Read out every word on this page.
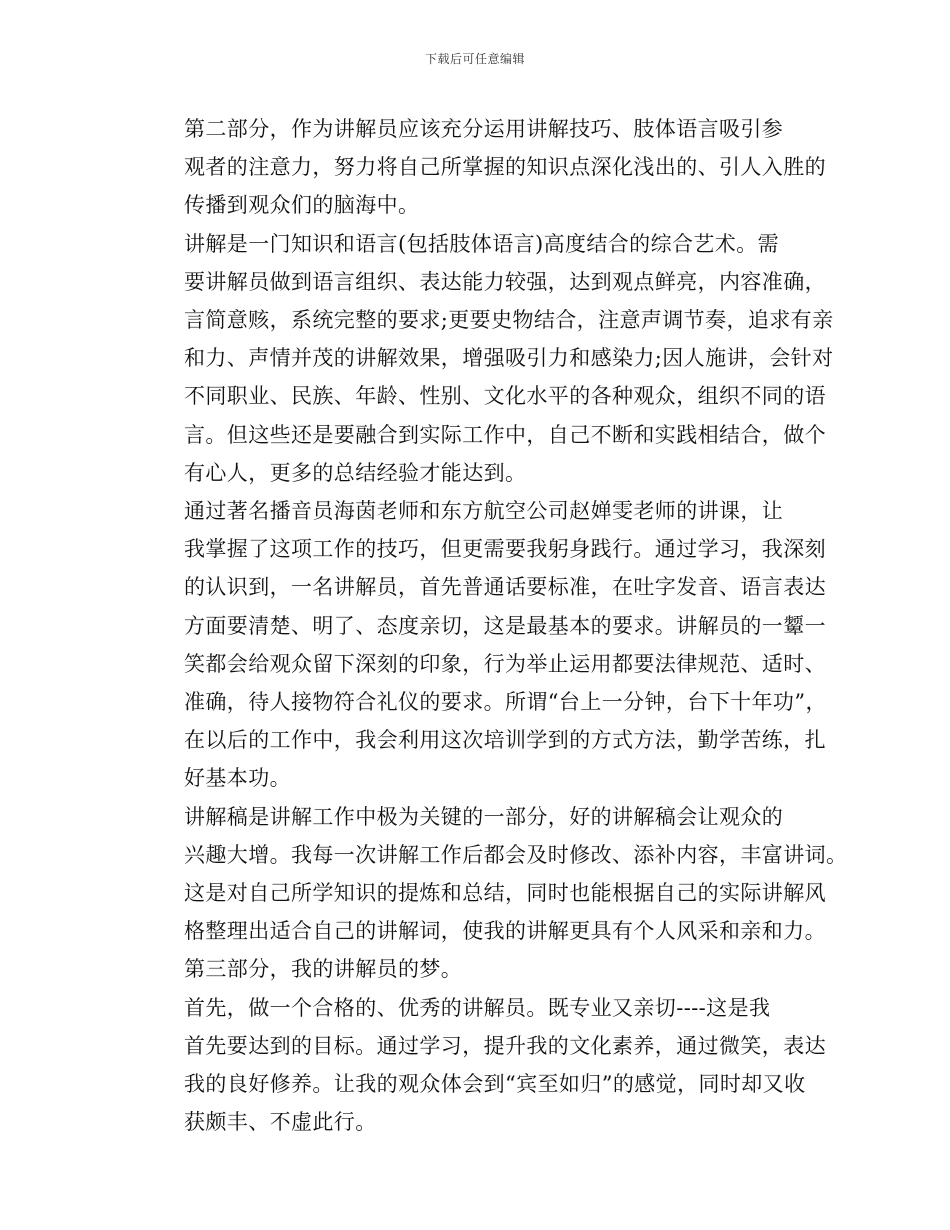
下载后可任意编辑

第二部分，作为讲解员应该充分运用讲解技巧、肢体语言吸引参
观者的注意力，努力将自己所掌握的知识点深化浅出的、引人入胜的
传播到观众们的脑海中。

讲解是一门知识和语言(包括肢体语言)高度结合的综合艺术。需
要讲解员做到语言组织、表达能力较强，达到观点鲜亮，内容准确，
言简意赅，系统完整的要求;更要史物结合，注意声调节奏，追求有亲
和力、声情并茂的讲解效果，增强吸引力和感染力;因人施讲，会针对
不同职业、民族、年龄、性别、文化水平的各种观众，组织不同的语
言。但这些还是要融合到实际工作中，自己不断和实践相结合，做个
有心人，更多的总结经验才能达到。

通过著名播音员海茵老师和东方航空公司赵婵雯老师的讲课，让
我掌握了这项工作的技巧，但更需要我躬身践行。通过学习，我深刻
的认识到，一名讲解员，首先普通话要标准，在吐字发音、语言表达
方面要清楚、明了、态度亲切，这是最基本的要求。讲解员的一颦一
笑都会给观众留下深刻的印象，行为举止运用都要法律规范、适时、
准确，待人接物符合礼仪的要求。所谓“台上一分钟，台下十年功”，
在以后的工作中，我会利用这次培训学到的方式方法，勤学苦练，扎
好基本功。

讲解稿是讲解工作中极为关键的一部分，好的讲解稿会让观众的
兴趣大增。我每一次讲解工作后都会及时修改、添补内容，丰富讲词。
这是对自己所学知识的提炼和总结，同时也能根据自己的实际讲解风
格整理出适合自己的讲解词，使我的讲解更具有个人风采和亲和力。

第三部分，我的讲解员的梦。

首先，做一个合格的、优秀的讲解员。既专业又亲切----这是我
首先要达到的目标。通过学习，提升我的文化素养，通过微笑，表达
我的良好修养。让我的观众体会到“宾至如归”的感觉，同时却又收
获颇丰、不虚此行。
